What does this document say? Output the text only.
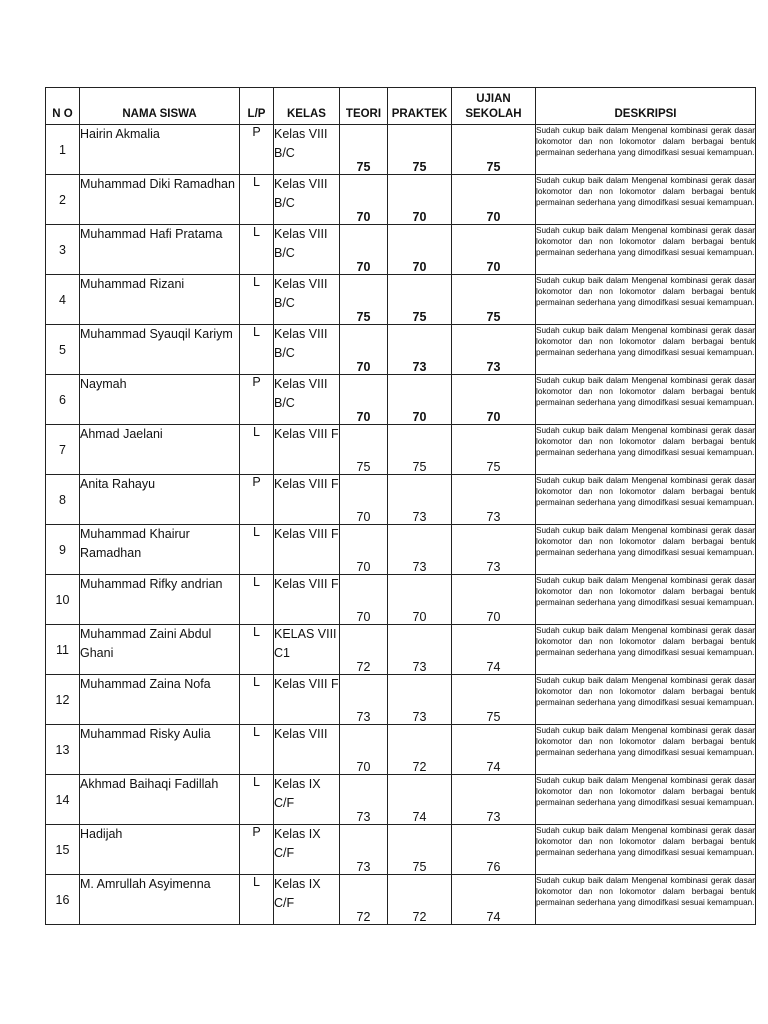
N O	NAMA SISWA	L/P	KELAS	TEORI	PRAKTEK	UJIAN SEKOLAH	DESKRIPSI
1	Hairin Akmalia	P	Kelas VIII B/C	75	75	75	Sudah cukup baik dalam Mengenal kombinasi gerak dasar lokomotor dan non lokomotor dalam berbagai bentuk permainan sederhana yang dimodifkasi sesuai kemampuan.
2	Muhammad Diki Ramadhan	L	Kelas VIII B/C	70	70	70	Sudah cukup baik dalam Mengenal kombinasi gerak dasar lokomotor dan non lokomotor dalam berbagai bentuk permainan sederhana yang dimodifkasi sesuai kemampuan.
3	Muhammad Hafi Pratama	L	Kelas VIII B/C	70	70	70	Sudah cukup baik dalam Mengenal kombinasi gerak dasar lokomotor dan non lokomotor dalam berbagai bentuk permainan sederhana yang dimodifkasi sesuai kemampuan.
4	Muhammad Rizani	L	Kelas VIII B/C	75	75	75	Sudah cukup baik dalam Mengenal kombinasi gerak dasar lokomotor dan non lokomotor dalam berbagai bentuk permainan sederhana yang dimodifkasi sesuai kemampuan.
5	Muhammad Syauqil Kariym	L	Kelas VIII B/C	70	73	73	Sudah cukup baik dalam Mengenal kombinasi gerak dasar lokomotor dan non lokomotor dalam berbagai bentuk permainan sederhana yang dimodifkasi sesuai kemampuan.
6	Naymah	P	Kelas VIII B/C	70	70	70	Sudah cukup baik dalam Mengenal kombinasi gerak dasar lokomotor dan non lokomotor dalam berbagai bentuk permainan sederhana yang dimodifkasi sesuai kemampuan.
7	Ahmad Jaelani	L	Kelas VIII F	75	75	75	Sudah cukup baik dalam Mengenal kombinasi gerak dasar lokomotor dan non lokomotor dalam berbagai bentuk permainan sederhana yang dimodifkasi sesuai kemampuan.
8	Anita Rahayu	P	Kelas VIII F	70	73	73	Sudah cukup baik dalam Mengenal kombinasi gerak dasar lokomotor dan non lokomotor dalam berbagai bentuk permainan sederhana yang dimodifkasi sesuai kemampuan.
9	Muhammad Khairur Ramadhan	L	Kelas VIII F	70	73	73	Sudah cukup baik dalam Mengenal kombinasi gerak dasar lokomotor dan non lokomotor dalam berbagai bentuk permainan sederhana yang dimodifkasi sesuai kemampuan.
10	Muhammad Rifky andrian	L	Kelas VIII F	70	70	70	Sudah cukup baik dalam Mengenal kombinasi gerak dasar lokomotor dan non lokomotor dalam berbagai bentuk permainan sederhana yang dimodifkasi sesuai kemampuan.
11	Muhammad Zaini Abdul Ghani	L	KELAS VIII C1	72	73	74	Sudah cukup baik dalam Mengenal kombinasi gerak dasar lokomotor dan non lokomotor dalam berbagai bentuk permainan sederhana yang dimodifkasi sesuai kemampuan.
12	Muhammad Zaina Nofa	L	Kelas VIII F	73	73	75	Sudah cukup baik dalam Mengenal kombinasi gerak dasar lokomotor dan non lokomotor dalam berbagai bentuk permainan sederhana yang dimodifkasi sesuai kemampuan.
13	Muhammad Risky Aulia	L	Kelas VIII	70	72	74	Sudah cukup baik dalam Mengenal kombinasi gerak dasar lokomotor dan non lokomotor dalam berbagai bentuk permainan sederhana yang dimodifkasi sesuai kemampuan.
14	Akhmad Baihaqi Fadillah	L	Kelas IX C/F	73	74	73	Sudah cukup baik dalam Mengenal kombinasi gerak dasar lokomotor dan non lokomotor dalam berbagai bentuk permainan sederhana yang dimodifkasi sesuai kemampuan.
15	Hadijah	P	Kelas IX C/F	73	75	76	Sudah cukup baik dalam Mengenal kombinasi gerak dasar lokomotor dan non lokomotor dalam berbagai bentuk permainan sederhana yang dimodifkasi sesuai kemampuan.
16	M. Amrullah Asyimenna	L	Kelas IX C/F	72	72	74	Sudah cukup baik dalam Mengenal kombinasi gerak dasar lokomotor dan non lokomotor dalam berbagai bentuk permainan sederhana yang dimodifkasi sesuai kemampuan.
